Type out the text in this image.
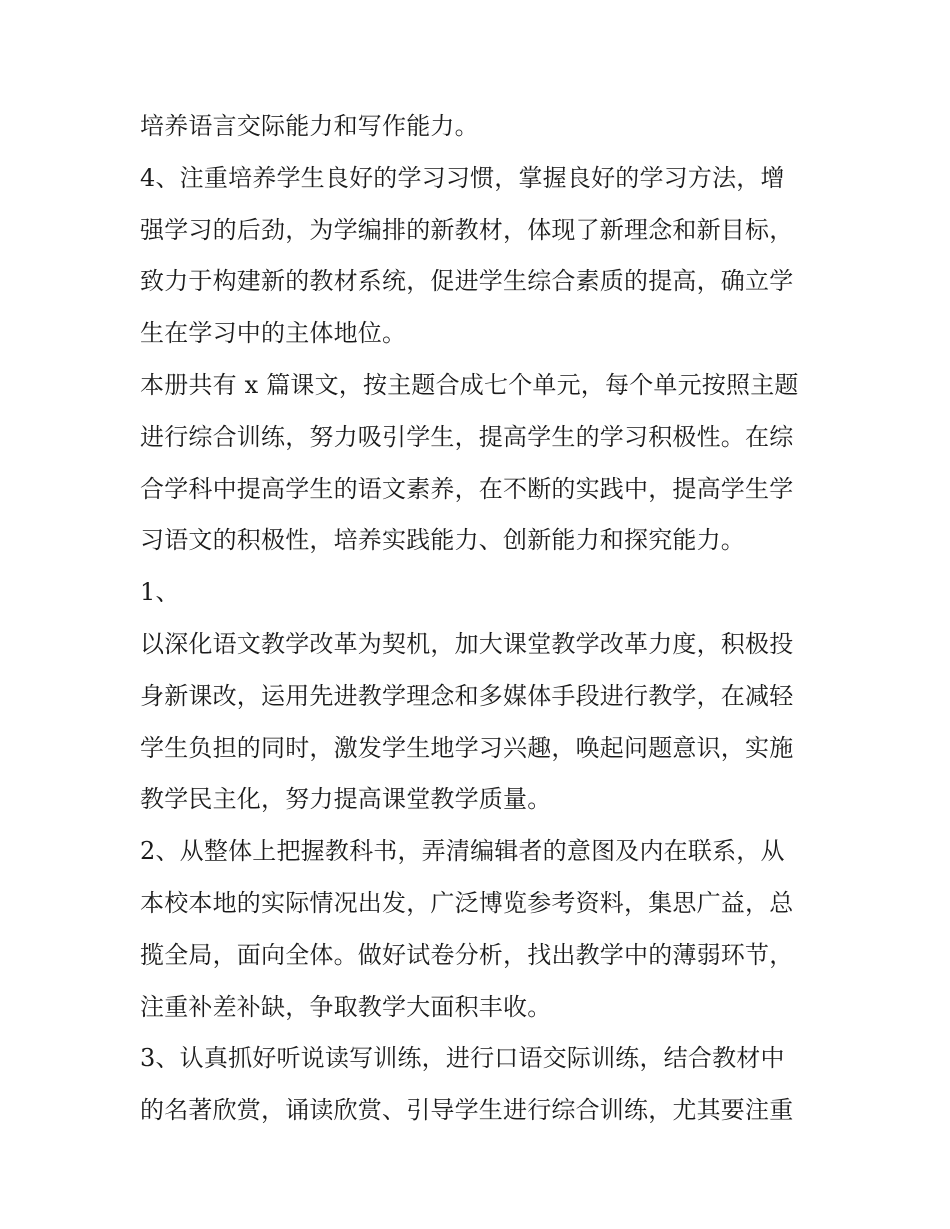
培养语言交际能力和写作能力。
4、注重培养学生良好的学习习惯，掌握良好的学习方法，增
强学习的后劲，为学编排的新教材，体现了新理念和新目标，
致力于构建新的教材系统，促进学生综合素质的提高，确立学
生在学习中的主体地位。
本册共有 x 篇课文，按主题合成七个单元，每个单元按照主题
进行综合训练，努力吸引学生，提高学生的学习积极性。在综
合学科中提高学生的语文素养，在不断的实践中，提高学生学
习语文的积极性，培养实践能力、创新能力和探究能力。
1、
以深化语文教学改革为契机，加大课堂教学改革力度，积极投
身新课改，运用先进教学理念和多媒体手段进行教学，在减轻
学生负担的同时，激发学生地学习兴趣，唤起问题意识，实施
教学民主化，努力提高课堂教学质量。
2、从整体上把握教科书，弄清编辑者的意图及内在联系，从
本校本地的实际情况出发，广泛博览参考资料，集思广益，总
揽全局，面向全体。做好试卷分析，找出教学中的薄弱环节，
注重补差补缺，争取教学大面积丰收。
3、认真抓好听说读写训练，进行口语交际训练，结合教材中
的名著欣赏，诵读欣赏、引导学生进行综合训练，尤其要注重
